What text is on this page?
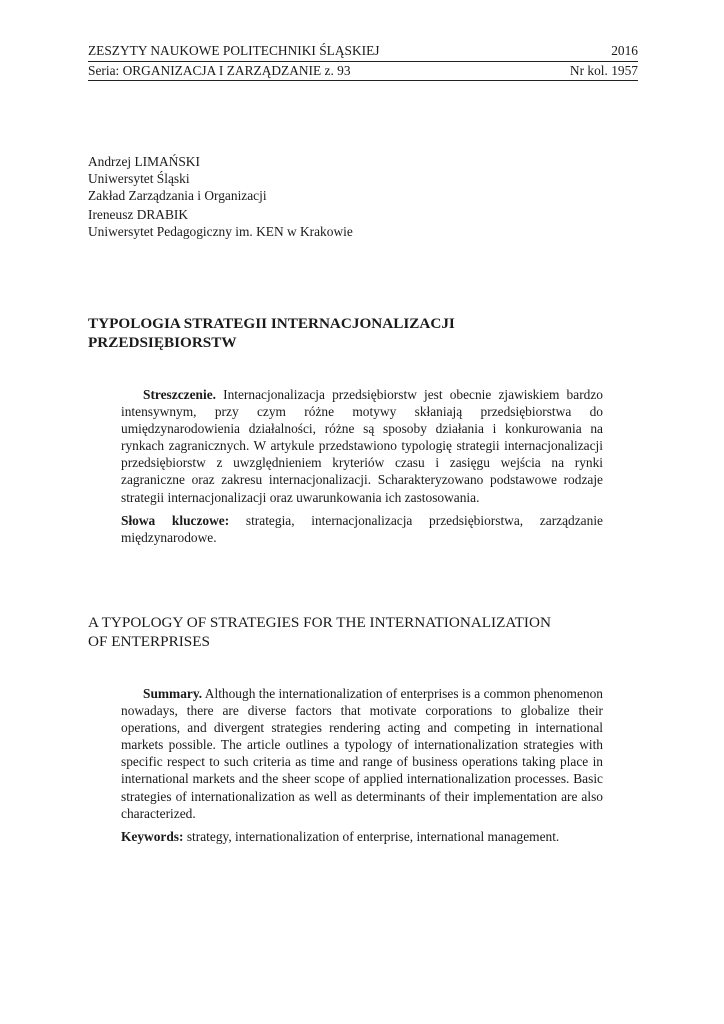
ZESZYTY NAUKOWE POLITECHNIKI ŚLĄSKIEJ	2016
Seria: ORGANIZACJA I ZARZĄDZANIE z. 93	Nr kol. 1957
Andrzej LIMAŃSKI
Uniwersytet Śląski
Zakład Zarządzania i Organizacji
Ireneusz DRABIK
Uniwersytet Pedagogiczny im. KEN w Krakowie
TYPOLOGIA STRATEGII INTERNACJONALIZACJI
PRZEDSIĘBIORSTW

Streszczenie. Internacjonalizacja przedsiębiorstw jest obecnie zjawiskiem bardzo intensywnym, przy czym różne motywy skłaniają przedsiębiorstwa do umiędzynarodowienia działalności, różne są sposoby działania i konkurowania na rynkach zagranicznych. W artykule przedstawiono typologię strategii internacjonalizacji przedsiębiorstw z uwzględnieniem kryteriów czasu i zasięgu wejścia na rynki zagraniczne oraz zakresu internacjonalizacji. Scharakteryzowano podstawowe rodzaje strategii internacjonalizacji oraz uwarunkowania ich zastosowania.

Słowa kluczowe: strategia, internacjonalizacja przedsiębiorstwa, zarządzanie międzynarodowe.

A TYPOLOGY OF STRATEGIES FOR THE INTERNATIONALIZATION
OF ENTERPRISES

Summary. Although the internationalization of enterprises is a common phenomenon nowadays, there are diverse factors that motivate corporations to globalize their operations, and divergent strategies rendering acting and competing in international markets possible. The article outlines a typology of internationalization strategies with specific respect to such criteria as time and range of business operations taking place in international markets and the sheer scope of applied internationalization processes. Basic strategies of internationalization as well as determinants of their implementation are also characterized.

Keywords: strategy, internationalization of enterprise, international management.
